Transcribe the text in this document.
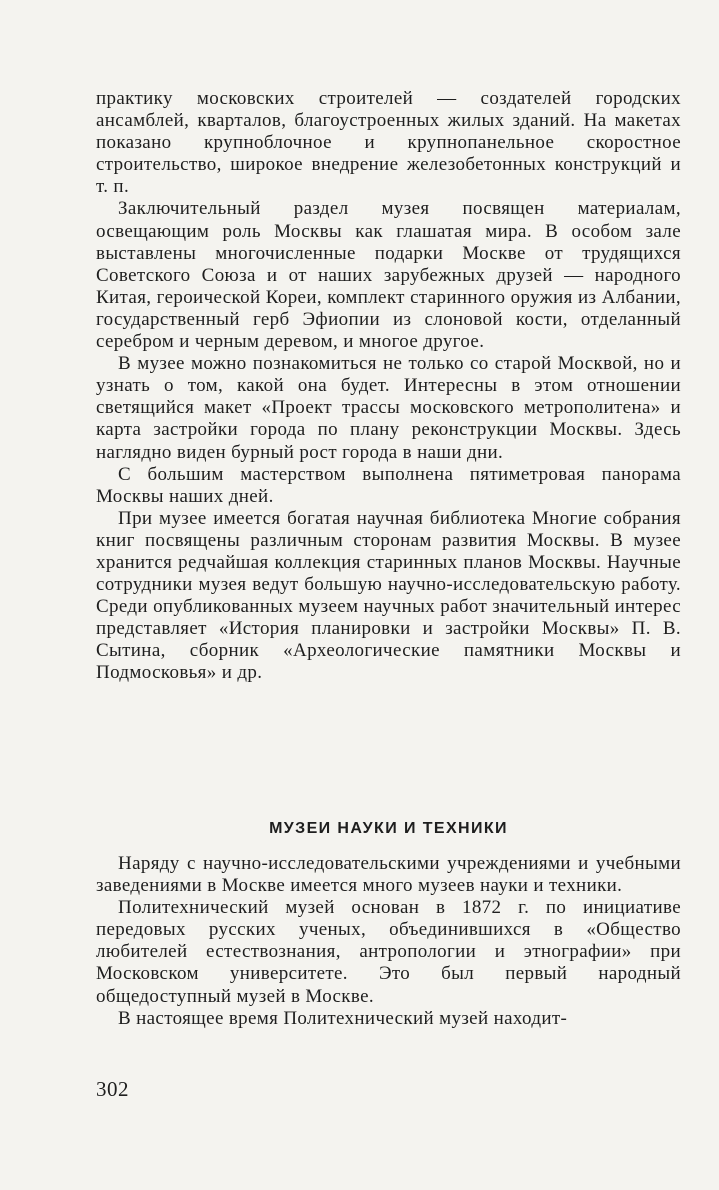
практику московских строителей — создателей городских ансамблей, кварталов, благоустроенных жилых зданий. На макетах показано крупноблочное и крупнопанельное скоростное строительство, широкое внедрение железобетонных конструкций и т. п.

Заключительный раздел музея посвящен материалам, освещающим роль Москвы как глашатая мира. В особом зале выставлены многочисленные подарки Москве от трудящихся Советского Союза и от наших зарубежных друзей — народного Китая, героической Кореи, комплект старинного оружия из Албании, государственный герб Эфиопии из слоновой кости, отделанный серебром и черным деревом, и многое другое.

В музее можно познакомиться не только со старой Москвой, но и узнать о том, какой она будет. Интересны в этом отношении светящийся макет «Проект трассы московского метрополитена» и карта застройки города по плану реконструкции Москвы. Здесь наглядно виден бурный рост города в наши дни.

С большим мастерством выполнена пятиметровая панорама Москвы наших дней.

При музее имеется богатая научная библиотека Многие собрания книг посвящены различным сторонам развития Москвы. В музее хранится редчайшая коллекция старинных планов Москвы. Научные сотрудники музея ведут большую научно-исследовательскую работу. Среди опубликованных музеем научных работ значительный интерес представляет «История планировки и застройки Москвы» П. В. Сытина, сборник «Археологические памятники Москвы и Подмосковья» и др.

МУЗЕИ НАУКИ И ТЕХНИКИ

Наряду с научно-исследовательскими учреждениями и учебными заведениями в Москве имеется много музеев науки и техники.

Политехнический музей основан в 1872 г. по инициативе передовых русских ученых, объединившихся в «Общество любителей естествознания, антропологии и этнографии» при Московском университете. Это был первый народный общедоступный музей в Москве.

В настоящее время Политехнический музей находит-

302
